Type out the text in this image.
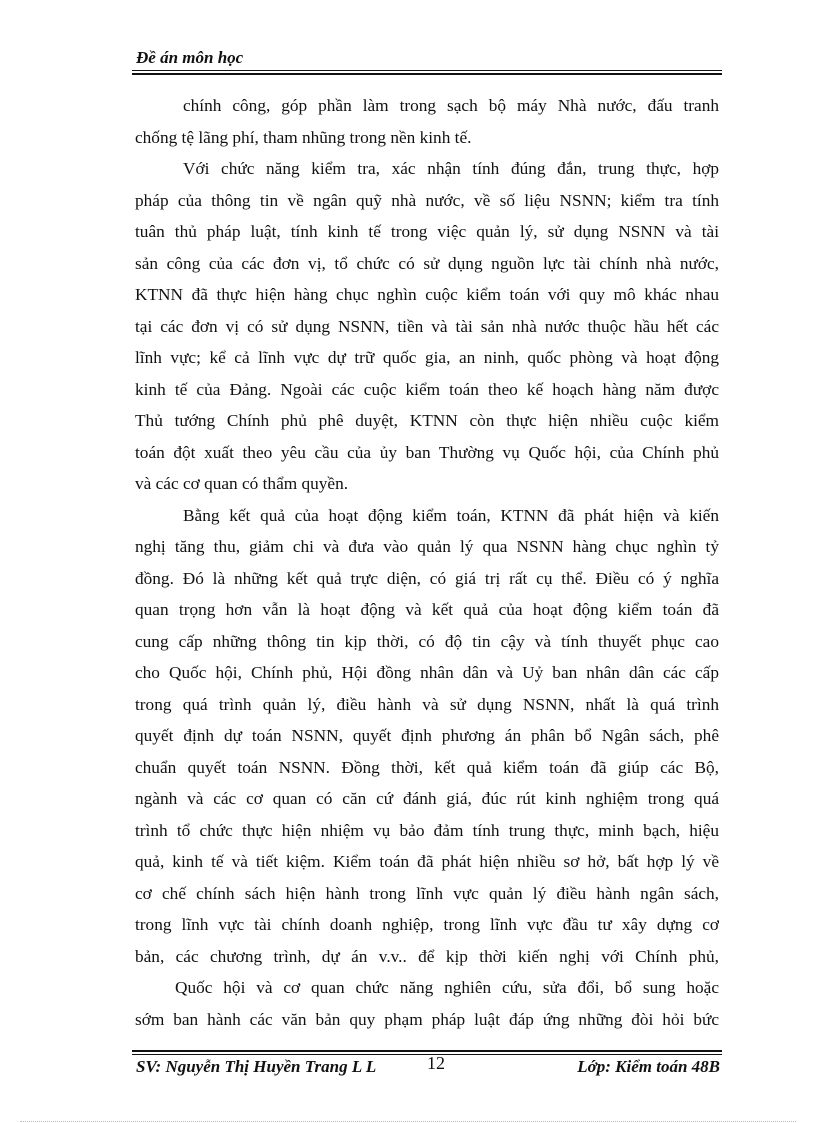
Đề án môn học
chính công, góp phần làm trong sạch bộ máy Nhà nước, đấu tranh
chống tệ lãng phí, tham nhũng trong nền kinh tế.
Với chức năng kiểm tra, xác nhận tính đúng đắn, trung thực, hợp
pháp của thông tin về ngân quỹ nhà nước, về số liệu NSNN; kiểm tra tính
tuân thủ pháp luật, tính kinh tế trong việc quản lý, sử dụng NSNN và tài
sản công của các đơn vị, tổ chức có sử dụng nguồn lực tài chính nhà nước,
KTNN đã thực hiện hàng chục nghìn cuộc kiểm toán với quy mô khác nhau
tại các đơn vị có sử dụng NSNN, tiền và tài sản nhà nước thuộc hầu hết các
lĩnh vực; kể cả lĩnh vực dự trữ quốc gia, an ninh, quốc phòng và hoạt động
kinh tế của Đảng. Ngoài các cuộc kiểm toán theo kế hoạch hàng năm được
Thủ tướng Chính phủ phê duyệt, KTNN còn thực hiện nhiều cuộc kiểm
toán đột xuất theo yêu cầu của ủy ban Thường vụ Quốc hội, của Chính phủ
và các cơ quan có thẩm quyền.
Bằng kết quả của hoạt động kiểm toán, KTNN đã phát hiện và kiến
nghị tăng thu, giảm chi và đưa vào quản lý qua NSNN hàng chục nghìn tỷ
đồng. Đó là những kết quả trực diện, có giá trị rất cụ thể. Điều có ý nghĩa
quan trọng hơn vẫn là hoạt động và kết quả của hoạt động kiểm toán đã
cung cấp những thông tin kịp thời, có độ tin cậy và tính thuyết phục cao
cho Quốc hội, Chính phủ, Hội đồng nhân dân và Uỷ ban nhân dân các cấp
trong quá trình quản lý, điều hành và sử dụng NSNN, nhất là quá trình
quyết định dự toán NSNN, quyết định phương án phân bổ Ngân sách, phê
chuẩn quyết toán NSNN. Đồng thời, kết quả kiểm toán đã giúp các Bộ,
ngành và các cơ quan có căn cứ đánh giá, đúc rút kinh nghiệm trong quá
trình tổ chức thực hiện nhiệm vụ bảo đảm tính trung thực, minh bạch, hiệu
quả, kinh tế và tiết kiệm. Kiểm toán đã phát hiện nhiều sơ hở, bất hợp lý về
cơ chế chính sách hiện hành trong lĩnh vực quản lý điều hành ngân sách,
trong lĩnh vực tài chính doanh nghiệp, trong lĩnh vực đầu tư xây dựng cơ
bản, các chương trình, dự án v.v.. để kịp thời kiến nghị với Chính phủ,
Quốc hội và cơ quan chức năng nghiên cứu, sửa đổi, bổ sung hoặc
sớm ban hành các văn bản quy phạm pháp luật đáp ứng những đòi hỏi bức
SV: Nguyễn Thị Huyền Trang L L	12	Lớp: Kiểm toán 48B
